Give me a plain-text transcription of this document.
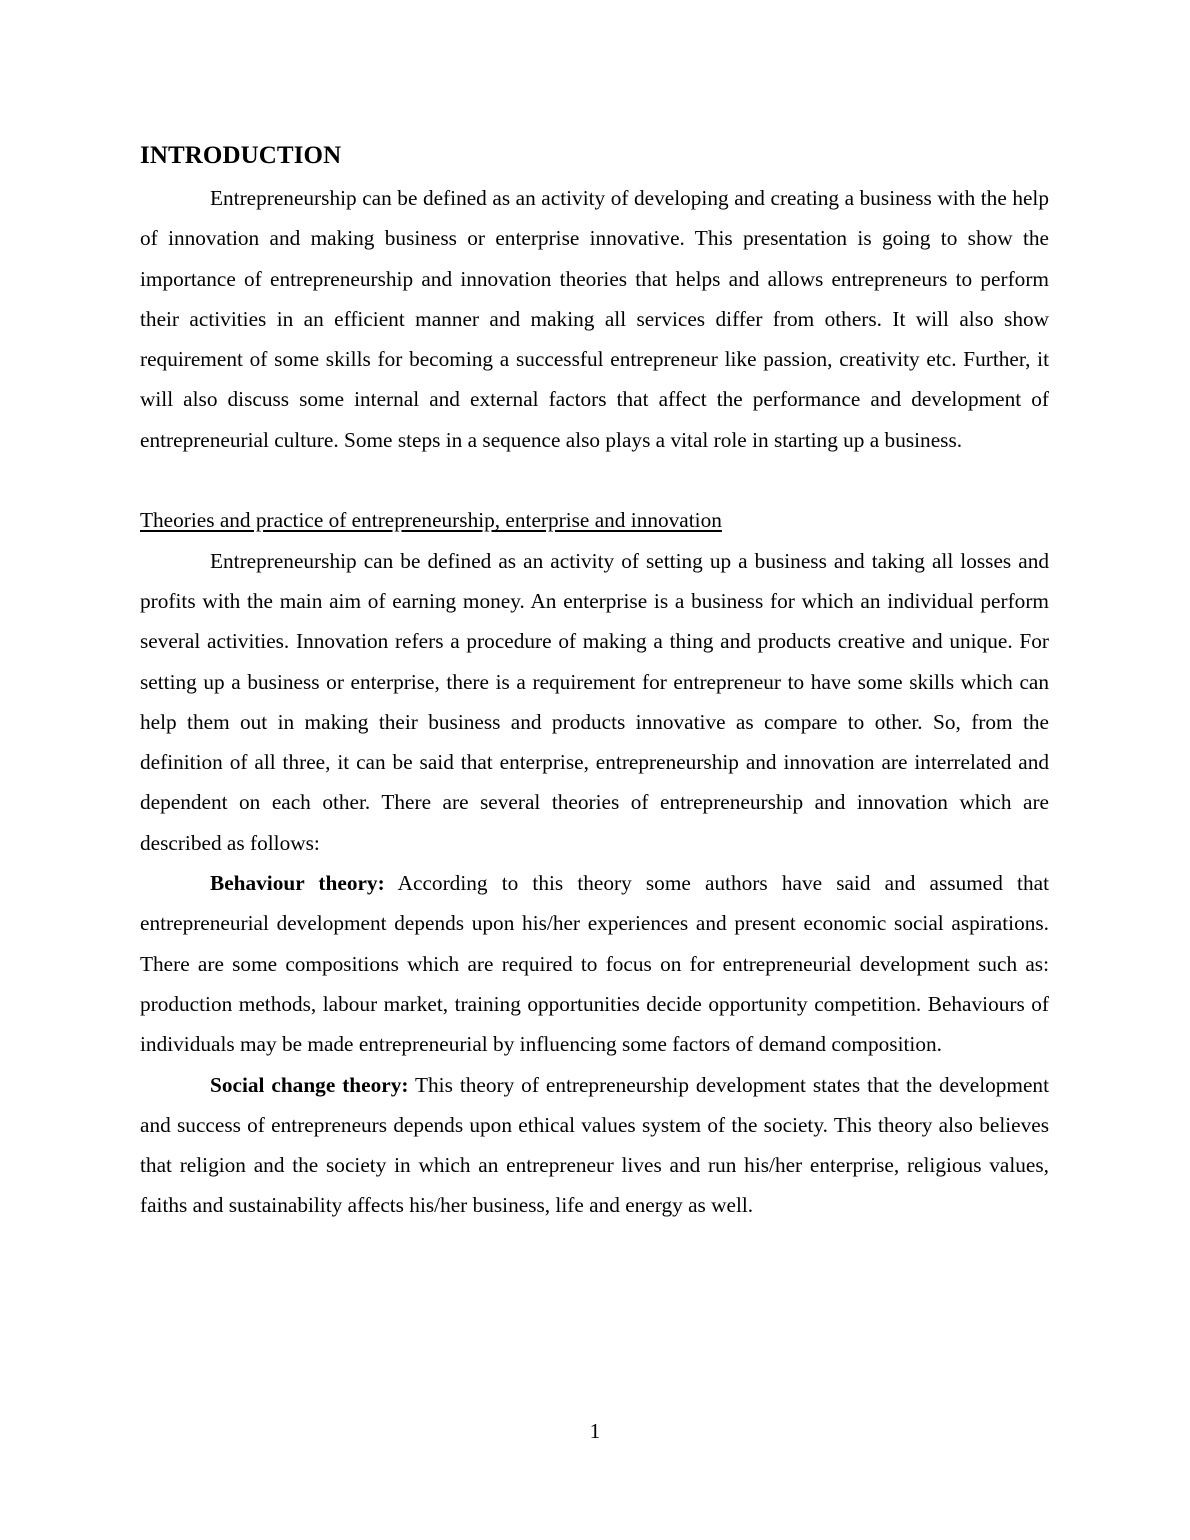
INTRODUCTION

Entrepreneurship can be defined as an activity of developing and creating a business with the help of innovation and making business or enterprise innovative. This presentation is going to show the importance of entrepreneurship and innovation theories that helps and allows entrepreneurs to perform their activities in an efficient manner and making all services differ from others. It will also show requirement of some skills for becoming a successful entrepreneur like passion, creativity etc. Further, it will also discuss some internal and external factors that affect the performance and development of entrepreneurial culture. Some steps in a sequence also plays a vital role in starting up a business.

Theories and practice of entrepreneurship, enterprise and innovation

Entrepreneurship can be defined as an activity of setting up a business and taking all losses and profits with the main aim of earning money. An enterprise is a business for which an individual perform several activities. Innovation refers a procedure of making a thing and products creative and unique. For setting up a business or enterprise, there is a requirement for entrepreneur to have some skills which can help them out in making their business and products innovative as compare to other. So, from the definition of all three, it can be said that enterprise, entrepreneurship and innovation are interrelated and dependent on each other. There are several theories of entrepreneurship and innovation which are described as follows:

Behaviour theory: According to this theory some authors have said and assumed that entrepreneurial development depends upon his/her experiences and present economic social aspirations. There are some compositions which are required to focus on for entrepreneurial development such as: production methods, labour market, training opportunities decide opportunity competition. Behaviours of individuals may be made entrepreneurial by influencing some factors of demand composition.

Social change theory: This theory of entrepreneurship development states that the development and success of entrepreneurs depends upon ethical values system of the society. This theory also believes that religion and the society in which an entrepreneur lives and run his/her enterprise, religious values, faiths and sustainability affects his/her business, life and energy as well.

1
